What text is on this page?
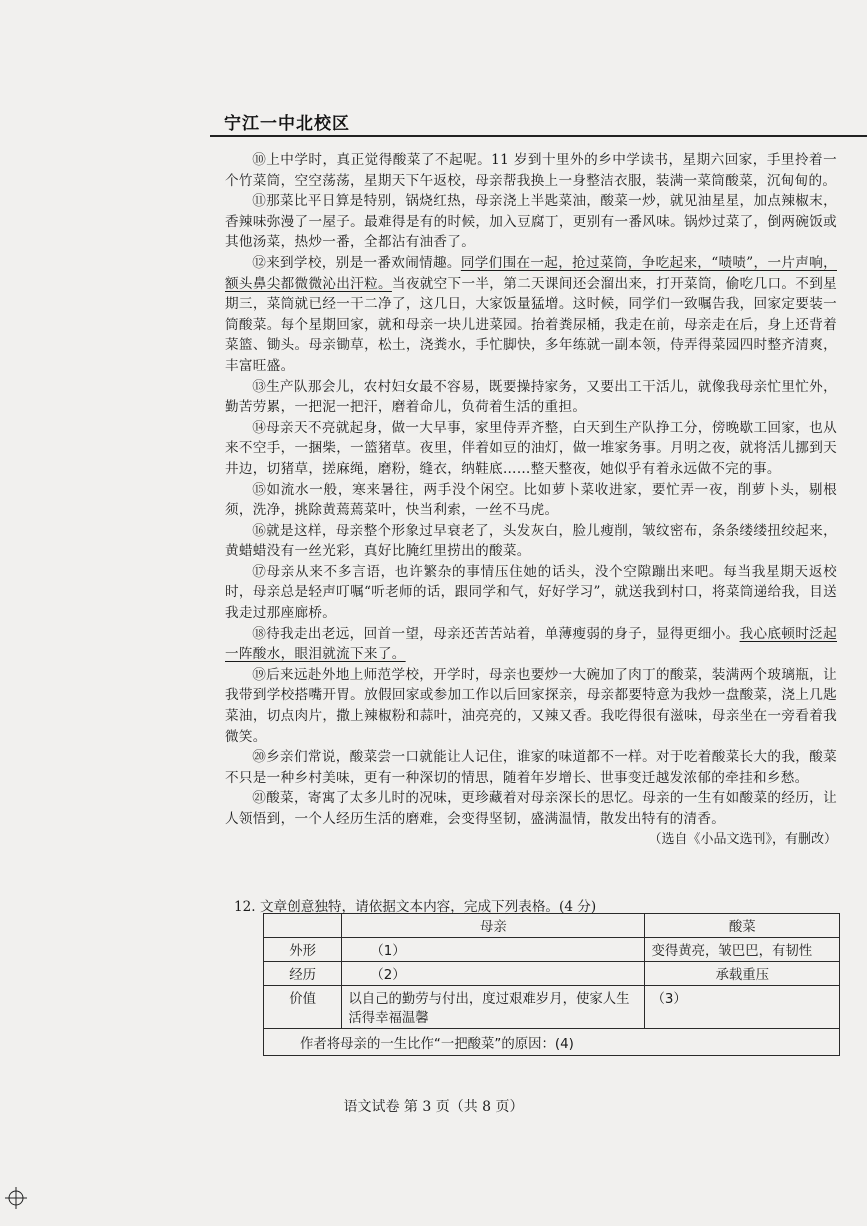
宁江一中北校区

⑩上中学时，真正觉得酸菜了不起呢。11 岁到十里外的乡中学读书，星期六回家，手里拎着一个竹菜筒，空空荡荡，星期天下午返校，母亲帮我换上一身整洁衣服，装满一菜筒酸菜，沉甸甸的。

⑪那菜比平日算是特别，锅烧红热，母亲浇上半匙菜油，酸菜一炒，就见油星星，加点辣椒末，香辣味弥漫了一屋子。最难得是有的时候，加入豆腐丁，更别有一番风味。锅炒过菜了，倒两碗饭或其他汤菜，热炒一番，全都沾有油香了。

⑫来到学校，别是一番欢闹情趣。同学们围在一起，抢过菜筒，争吃起来，“啧啧”，一片声响，额头鼻尖都微微沁出汗粒。当夜就空下一半，第二天课间还会溜出来，打开菜筒，偷吃几口。不到星期三，菜筒就已经一干二净了，这几日，大家饭量猛增。这时候，同学们一致嘱告我，回家定要装一筒酸菜。每个星期回家，就和母亲一块儿进菜园。抬着粪尿桶，我走在前，母亲走在后，身上还背着菜篮、锄头。母亲锄草，松土，浇粪水，手忙脚快，多年练就一副本领，侍弄得菜园四时整齐清爽，丰富旺盛。

⑬生产队那会儿，农村妇女最不容易，既要操持家务，又要出工干活儿，就像我母亲忙里忙外，勤苦劳累，一把泥一把汗，磨着命儿，负荷着生活的重担。

⑭母亲天不亮就起身，做一大早事，家里侍弄齐整，白天到生产队挣工分，傍晚歇工回家，也从来不空手，一捆柴，一篮猪草。夜里，伴着如豆的油灯，做一堆家务事。月明之夜，就将活儿挪到天井边，切猪草，搓麻绳，磨粉，缝衣，纳鞋底……整天整夜，她似乎有着永远做不完的事。

⑮如流水一般，寒来暑往，两手没个闲空。比如萝卜菜收进家，要忙弄一夜，削萝卜头，剔根须，洗净，挑除黄蔫蔫菜叶，快当利索，一丝不马虎。

⑯就是这样，母亲整个形象过早衰老了，头发灰白，脸儿瘦削，皱纹密布，条条缕缕扭绞起来，黄蜡蜡没有一丝光彩，真好比腌红里捞出的酸菜。

⑰母亲从来不多言语，也许繁杂的事情压住她的话头，没个空隙蹦出来吧。每当我星期天返校时，母亲总是轻声叮嘱“听老师的话，跟同学和气，好好学习”，就送我到村口，将菜筒递给我，目送我走过那座廊桥。

⑱待我走出老远，回首一望，母亲还苦苦站着，单薄瘦弱的身子，显得更细小。我心底顿时泛起一阵酸水，眼泪就流下来了。

⑲后来远赴外地上师范学校，开学时，母亲也要炒一大碗加了肉丁的酸菜，装满两个玻璃瓶，让我带到学校搭嘴开胃。放假回家或参加工作以后回家探亲，母亲都要特意为我炒一盘酸菜，浇上几匙菜油，切点肉片，撒上辣椒粉和蒜叶，油亮亮的，又辣又香。我吃得很有滋味，母亲坐在一旁看着我微笑。

⑳乡亲们常说，酸菜尝一口就能让人记住，谁家的味道都不一样。对于吃着酸菜长大的我，酸菜不只是一种乡村美味，更有一种深切的情思，随着年岁增长、世事变迁越发浓郁的牵挂和乡愁。

㉑酸菜，寄寓了太多儿时的况味，更珍藏着对母亲深长的思忆。母亲的一生有如酸菜的经历，让人领悟到，一个人经历生活的磨难，会变得坚韧，盛满温情，散发出特有的清香。

（选自《小品文选刊》，有删改）

12. 文章创意独特，请依据文本内容，完成下列表格。(4 分)
	母亲	酸菜
外形	（1）	变得黄亮，皱巴巴，有韧性
经历	（2）	承载重压
价值	以自己的勤劳与付出，度过艰难岁月，使家人生活得幸福温馨	（3）
作者将母亲的一生比作“一把酸菜”的原因：(4)		
语文试卷 第 3 页（共 8 页）
